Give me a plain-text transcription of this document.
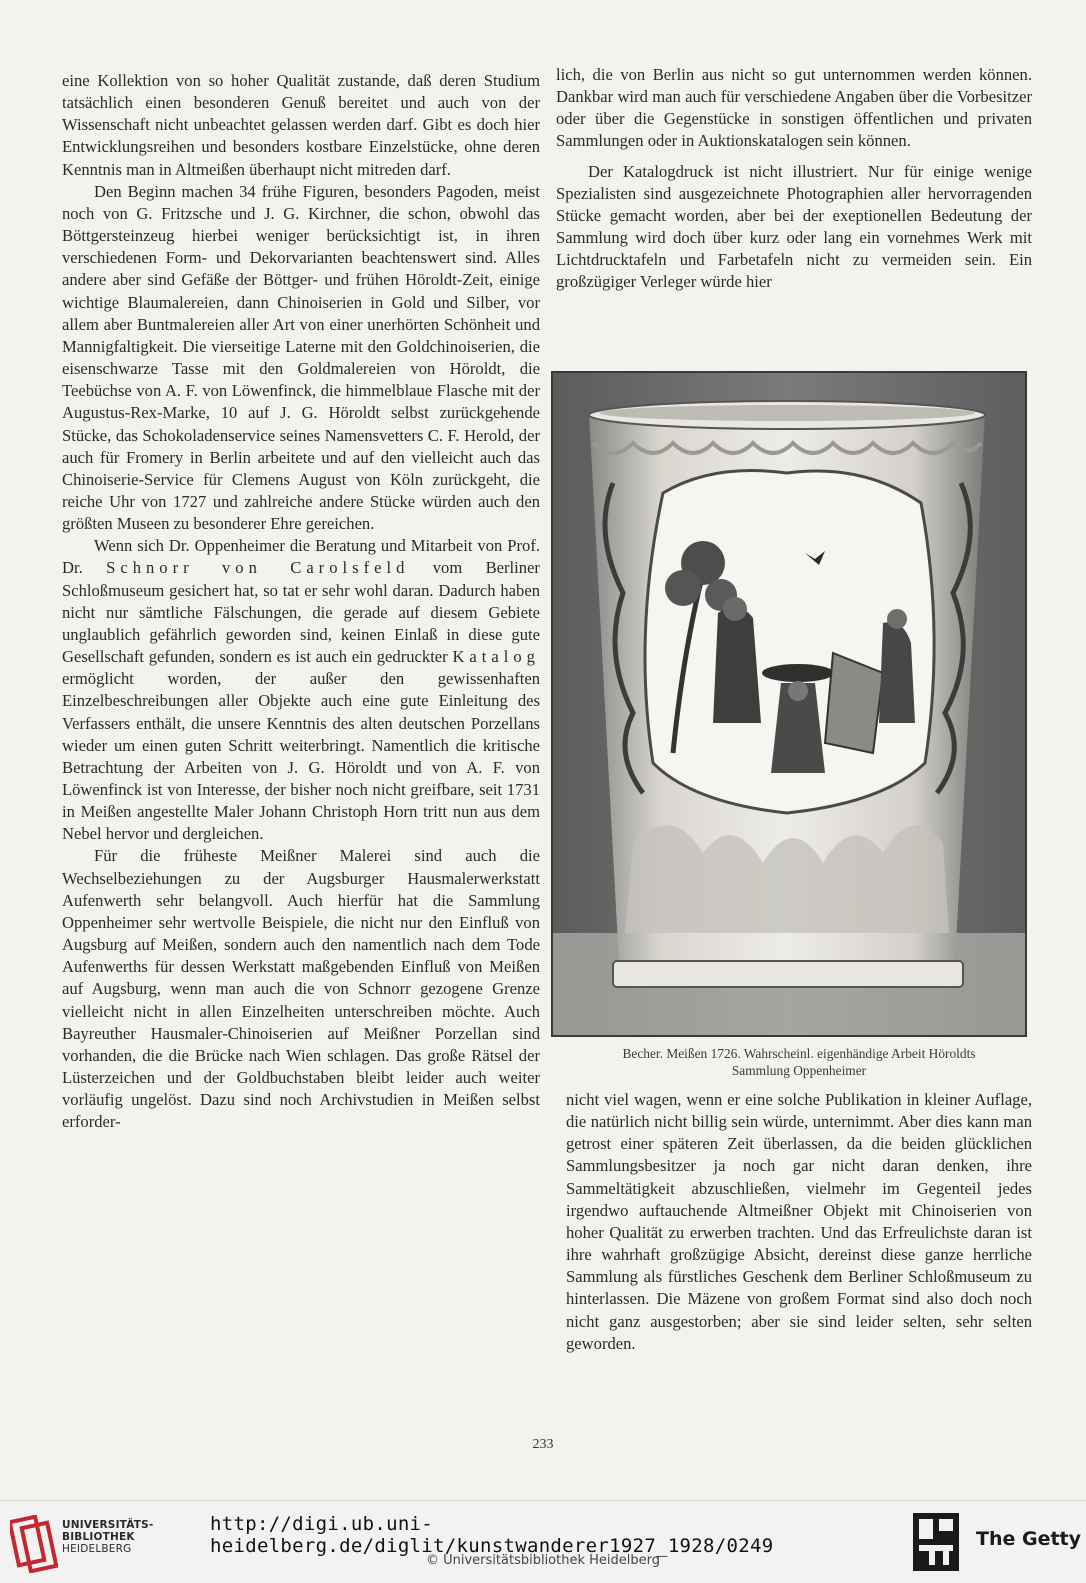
eine Kollektion von so hoher Qualität zustande, daß deren Studium tatsächlich einen besonderen Genuß bereitet und auch von der Wissenschaft nicht unbeachtet gelassen werden darf. Gibt es doch hier Entwicklungsreihen und besonders kostbare Einzelstücke, ohne deren Kenntnis man in Altmeißen überhaupt nicht mitreden darf.

Den Beginn machen 34 frühe Figuren, besonders Pagoden, meist noch von G. Fritzsche und J. G. Kirchner, die schon, obwohl das Böttgersteinzeug hierbei weniger berücksichtigt ist, in ihren verschiedenen Form- und Dekorvarianten beachtenswert sind. Alles andere aber sind Gefäße der Böttger- und frühen Höroldt-Zeit, einige wichtige Blaumalereien, dann Chinoiserien in Gold und Silber, vor allem aber Buntmalereien aller Art von einer unerhörten Schönheit und Mannigfaltigkeit. Die vierseitige Laterne mit den Goldchinoiserien, die eisenschwarze Tasse mit den Goldmalereien von Höroldt, die Teebüchse von A. F. von Löwenfinck, die himmelblaue Flasche mit der Augustus-Rex-Marke, 10 auf J. G. Höroldt selbst zurückgehende Stücke, das Schokoladenservice seines Namensvetters C. F. Herold, der auch für Fromery in Berlin arbeitete und auf den vielleicht auch das Chinoiserie-Service für Clemens August von Köln zurückgeht, die reiche Uhr von 1727 und zahlreiche andere Stücke würden auch den größten Museen zu besonderer Ehre gereichen.

Wenn sich Dr. Oppenheimer die Beratung und Mitarbeit von Prof. Dr. Schnorr von Carolsfeld vom Berliner Schloßmuseum gesichert hat, so tat er sehr wohl daran. Dadurch haben nicht nur sämtliche Fälschungen, die gerade auf diesem Gebiete unglaublich gefährlich geworden sind, keinen Einlaß in diese gute Gesellschaft gefunden, sondern es ist auch ein gedruckter Katalog ermöglicht worden, der außer den gewissenhaften Einzelbeschreibungen aller Objekte auch eine gute Einleitung des Verfassers enthält, die unsere Kenntnis des alten deutschen Porzellans wieder um einen guten Schritt weiterbringt. Namentlich die kritische Betrachtung der Arbeiten von J. G. Höroldt und von A. F. von Löwenfinck ist von Interesse, der bisher noch nicht greifbare, seit 1731 in Meißen angestellte Maler Johann Christoph Horn tritt nun aus dem Nebel hervor und dergleichen.

Für die früheste Meißner Malerei sind auch die Wechselbeziehungen zu der Augsburger Hausmalerwerkstatt Aufenwerth sehr belangvoll. Auch hierfür hat die Sammlung Oppenheimer sehr wertvolle Beispiele, die nicht nur den Einfluß von Augsburg auf Meißen, sondern auch den namentlich nach dem Tode Aufenwerths für dessen Werkstatt maßgebenden Einfluß von Meißen auf Augsburg, wenn man auch die von Schnorr gezogene Grenze vielleicht nicht in allen Einzelheiten unterschreiben möchte. Auch Bayreuther Hausmaler-Chinoiserien auf Meißner Porzellan sind vorhanden, die die Brücke nach Wien schlagen. Das große Rätsel der Lüsterzeichen und der Goldbuchstaben bleibt leider auch weiter vorläufig ungelöst. Dazu sind noch Archivstudien in Meißen selbst erforder-

lich, die von Berlin aus nicht so gut unternommen werden können. Dankbar wird man auch für verschiedene Angaben über die Vorbesitzer oder über die Gegenstücke in sonstigen öffentlichen und privaten Sammlungen oder in Auktionskatalogen sein können.

Der Katalogdruck ist nicht illustriert. Nur für einige wenige Spezialisten sind ausgezeichnete Photographien aller hervorragenden Stücke gemacht worden, aber bei der exeptionellen Bedeutung der Sammlung wird doch über kurz oder lang ein vornehmes Werk mit Lichtdrucktafeln und Farbetafeln nicht zu vermeiden sein. Ein großzügiger Verleger würde hier

Becher. Meißen 1726. Wahrscheinl. eigenhändige Arbeit Höroldts
Sammlung Oppenheimer

nicht viel wagen, wenn er eine solche Publikation in kleiner Auflage, die natürlich nicht billig sein würde, unternimmt. Aber dies kann man getrost einer späteren Zeit überlassen, da die beiden glücklichen Sammlungsbesitzer ja noch gar nicht daran denken, ihre Sammeltätigkeit abzuschließen, vielmehr im Gegenteil jedes irgendwo auftauchende Altmeißner Objekt mit Chinoiserien von hoher Qualität zu erwerben trachten. Und das Erfreulichste daran ist ihre wahrhaft großzügige Absicht, dereinst diese ganze herrliche Sammlung als fürstliches Geschenk dem Berliner Schloßmuseum zu hinterlassen. Die Mäzene von großem Format sind also doch noch nicht ganz ausgestorben; aber sie sind leider selten, sehr selten geworden.

233
UNIVERSITÄTS-
BIBLIOTHEK
HEIDELBERG
http://digi.ub.uni-heidelberg.de/diglit/kunstwanderer1927_1928/0249
© Universitätsbibliothek Heidelberg
The Getty
